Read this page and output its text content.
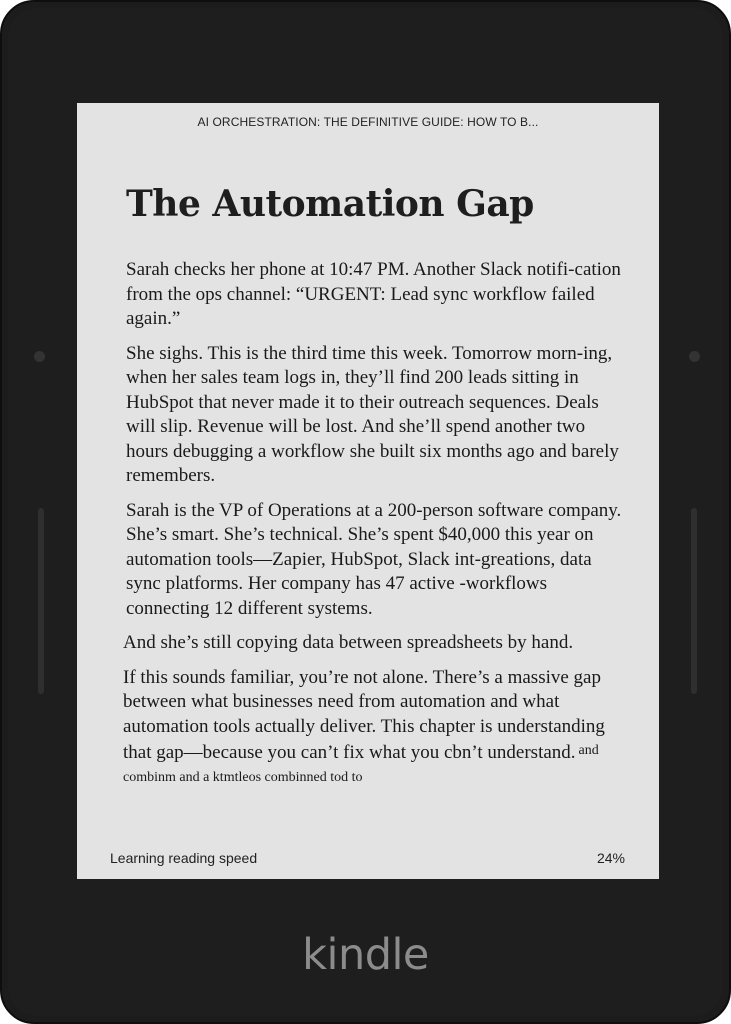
AI ORCHESTRATION: THE DEFINITIVE GUIDE: HOW TO B...
The Automation Gap

Sarah checks her phone at 10:47 PM. Another Slack notifi-cation from the ops channel: “URGENT: Lead sync workflow failed again.”

She sighs. This is the third time this week. Tomorrow morn-ing, when her sales team logs in, they’ll find 200 leads sitting in HubSpot that never made it to their outreach sequences. Deals will slip. Revenue will be lost. And she’ll spend another two hours debugging a workflow she built six months ago and barely remembers.

Sarah is the VP of Operations at a 200-person software company. She’s smart. She’s technical. She’s spent $40,000 this year on automation tools—Zapier, HubSpot, Slack int-greations, data sync platforms. Her company has 47 active -workflows connecting 12 different systems.

And she’s still copying data between spreadsheets by hand.

If this sounds familiar, you’re not alone. There’s a massive gap between what businesses need from automation and what automation tools actually deliver. This chapter is understanding that gap—because you can’t fix what you cbn’t understand. $^{and combinm and a ktmtleos combinned tod to}$

Learning reading speed	24%
kindle
